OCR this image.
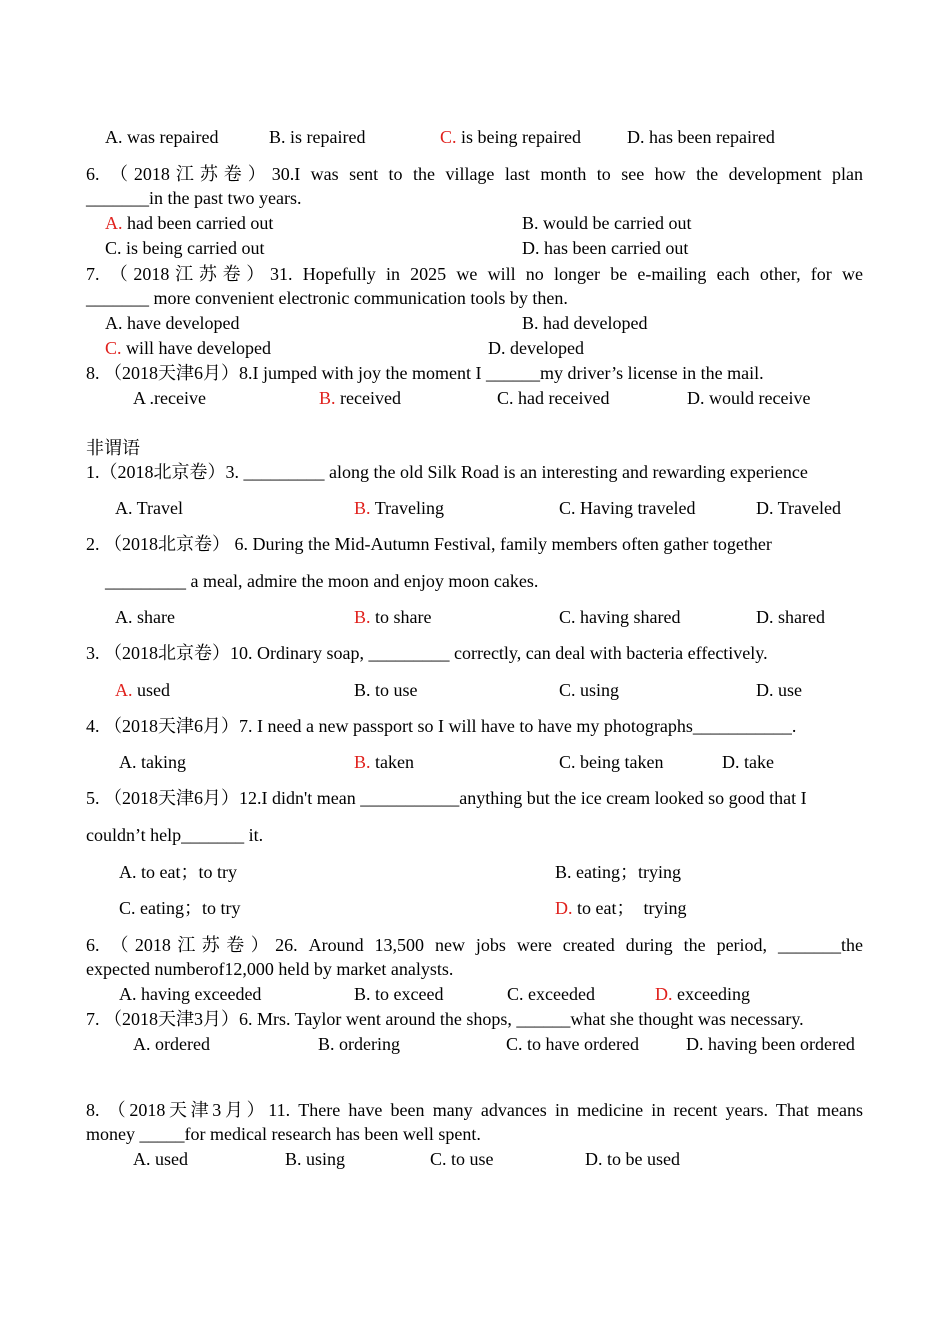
A. was repaired	B. is repaired	C. is being repaired	D. has been repaired
6. （2018江苏卷）30.I was sent to the village last month to see how the development plan
_______in the past two years.
A. had been carried out	B. would be carried out
C. is being carried out	D. has been carried out
7. （2018江苏卷）31. Hopefully in 2025 we will no longer be e-mailing each other, for we
_______ more convenient electronic communication tools by then.
A. have developed	B. had developed
C. will have developed	D. developed
8. （2018天津6月）8.I jumped with joy the moment I ______my driver’s license in the mail.
A .receive	B. received	C. had received	D. would receive
非谓语
1.（2018北京卷）3. _________ along the old Silk Road is an interesting and rewarding experience
A. Travel	B. Traveling	C. Having traveled	D. Traveled
2. （2018北京卷） 6. During the Mid-Autumn Festival, family members often gather together
_________ a meal, admire the moon and enjoy moon cakes.
A. share	B. to share	C. having shared	D. shared
3. （2018北京卷）10. Ordinary soap, _________ correctly, can deal with bacteria effectively.
A. used	B. to use	C. using	D. use
4. （2018天津6月）7. I need a new passport so I will have to have my photographs___________.
A. taking	B. taken	C. being taken	D. take
5. （2018天津6月）12.I didn't mean ___________anything but the ice cream looked so good that I
couldn’t help_______ it.
A. to eat；to try	B. eating；trying
C. eating；to try	D. to eat；  trying
6. （2018江苏卷）26. Around 13,500 new jobs were created during the period, _______the
expected numberof12,000 held by market analysts.
A. having exceeded	B. to exceed	C. exceeded	D. exceeding
7. （2018天津3月）6. Mrs. Taylor went around the shops, ______what she thought was necessary.
A. ordered	B. ordering	C. to have ordered	D. having been ordered
8. （2018天津3月）11. There have been many advances in medicine in recent years. That means
money _____for medical research has been well spent.
A. used	B. using	C. to use	D. to be used
